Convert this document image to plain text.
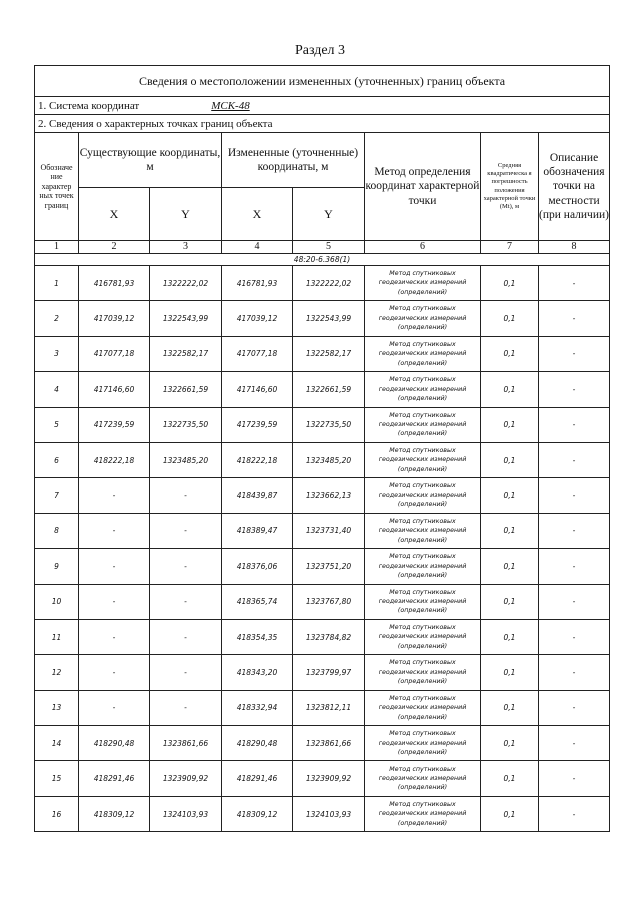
Раздел 3
Сведения о местоположении измененных (уточненных) границ объекта							
1. Система координат МСК-48							
2. Сведения о характерных точках границ объекта							
Обозначе ние характер ных точек границ	Существующие координаты, м		Измененные (уточненные) координаты, м		Метод определения координат характерной точки	Средняя квадратическа я погрешность положения характерной точки (Mt), м	Описание обозначения точки на местности (при наличии)
	X	Y	X	Y			
1	2	3	4	5	6	7	8
48:20-6.368(1)							
1	416781,93	1322222,02	416781,93	1322222,02	Метод спутниковых геодезических измерений (определений)	0,1	-
2	417039,12	1322543,99	417039,12	1322543,99	Метод спутниковых геодезических измерений (определений)	0,1	-
3	417077,18	1322582,17	417077,18	1322582,17	Метод спутниковых геодезических измерений (определений)	0,1	-
4	417146,60	1322661,59	417146,60	1322661,59	Метод спутниковых геодезических измерений (определений)	0,1	-
5	417239,59	1322735,50	417239,59	1322735,50	Метод спутниковых геодезических измерений (определений)	0,1	-
6	418222,18	1323485,20	418222,18	1323485,20	Метод спутниковых геодезических измерений (определений)	0,1	-
7	-	-	418439,87	1323662,13	Метод спутниковых геодезических измерений (определений)	0,1	-
8	-	-	418389,47	1323731,40	Метод спутниковых геодезических измерений (определений)	0,1	-
9	-	-	418376,06	1323751,20	Метод спутниковых геодезических измерений (определений)	0,1	-
10	-	-	418365,74	1323767,80	Метод спутниковых геодезических измерений (определений)	0,1	-
11	-	-	418354,35	1323784,82	Метод спутниковых геодезических измерений (определений)	0,1	-
12	-	-	418343,20	1323799,97	Метод спутниковых геодезических измерений (определений)	0,1	-
13	-	-	418332,94	1323812,11	Метод спутниковых геодезических измерений (определений)	0,1	-
14	418290,48	1323861,66	418290,48	1323861,66	Метод спутниковых геодезических измерений (определений)	0,1	-
15	418291,46	1323909,92	418291,46	1323909,92	Метод спутниковых геодезических измерений (определений)	0,1	-
16	418309,12	1324103,93	418309,12	1324103,93	Метод спутниковых геодезических измерений (определений)	0,1	-
